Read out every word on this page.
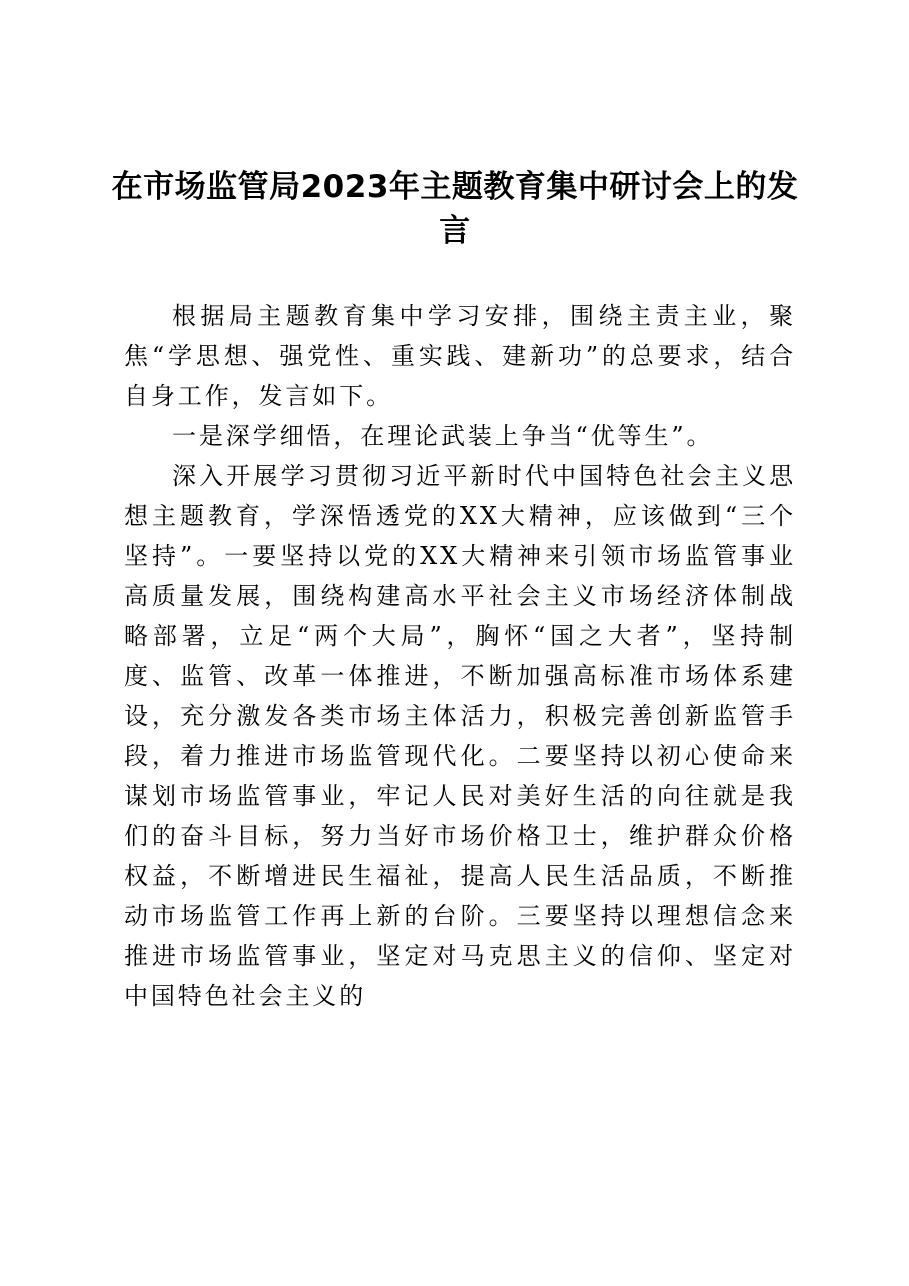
在市场监管局2023年主题教育集中研讨会上的发言

根据局主题教育集中学习安排，围绕主责主业，聚焦“学思想、强党性、重实践、建新功”的总要求，结合自身工作，发言如下。

一是深学细悟，在理论武装上争当“优等生”。

深入开展学习贯彻习近平新时代中国特色社会主义思想主题教育，学深悟透党的XX大精神，应该做到“三个坚持”。一要坚持以党的XX大精神来引领市场监管事业高质量发展，围绕构建高水平社会主义市场经济体制战略部署，立足“两个大局”，胸怀“国之大者”，坚持制度、监管、改革一体推进，不断加强高标准市场体系建设，充分激发各类市场主体活力，积极完善创新监管手段，着力推进市场监管现代化。二要坚持以初心使命来谋划市场监管事业，牢记人民对美好生活的向往就是我们的奋斗目标，努力当好市场价格卫士，维护群众价格权益，不断增进民生福祉，提高人民生活品质，不断推动市场监管工作再上新的台阶。三要坚持以理想信念来推进市场监管事业，坚定对马克思主义的信仰、坚定对中国特色社会主义的
